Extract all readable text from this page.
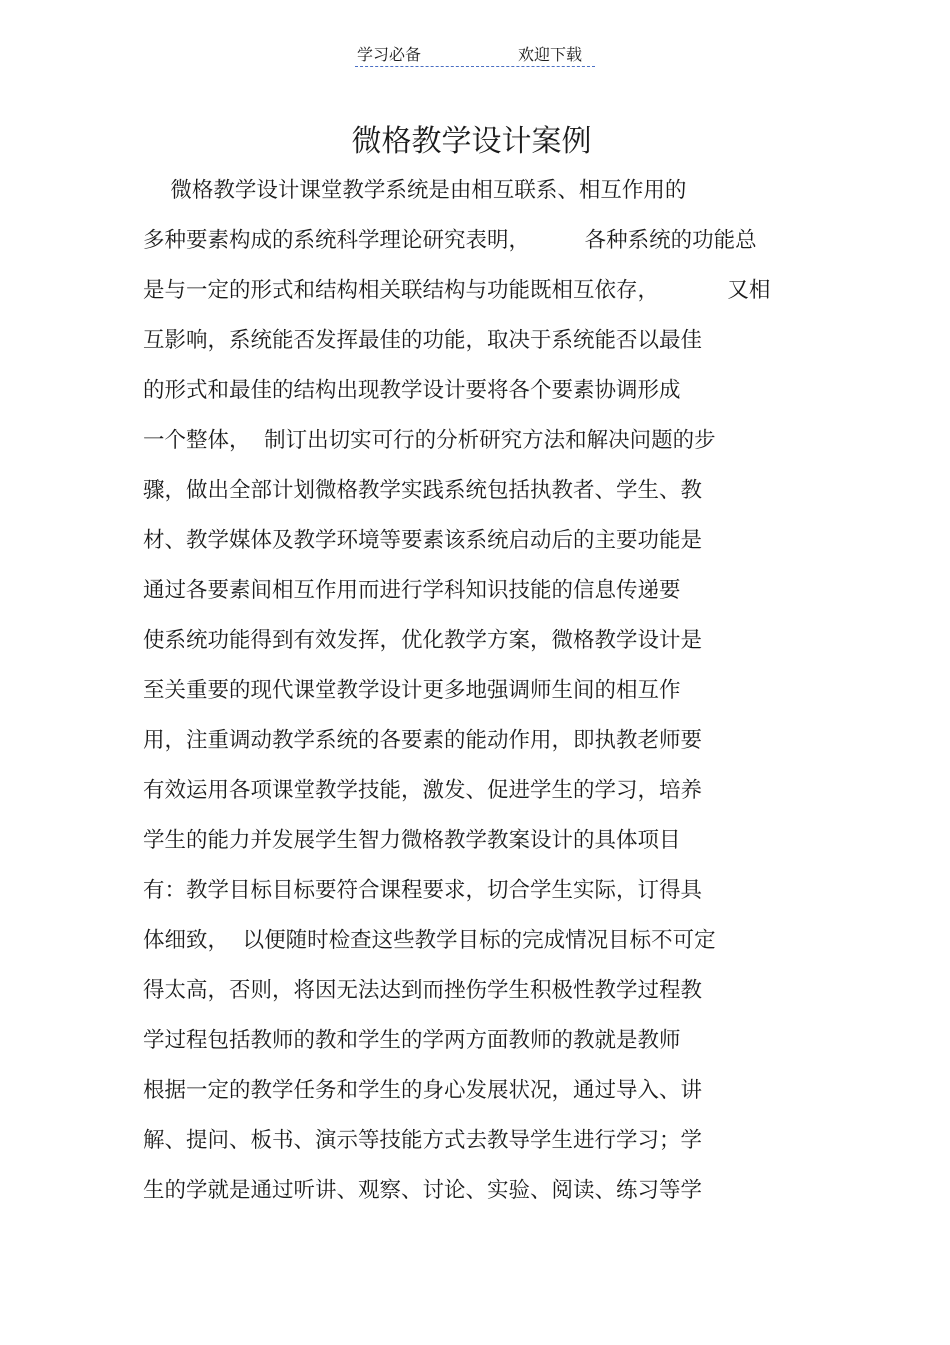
学习必备	欢迎下载
微格教学设计案例
微格教学设计课堂教学系统是由相互联系、相互作用的
多种要素构成的系统科学理论研究表明，        各种系统的功能总
是与一定的形式和结构相关联结构与功能既相互依存，          又相
互影响，系统能否发挥最佳的功能，取决于系统能否以最佳
的形式和最佳的结构出现教学设计要将各个要素协调形成
一个整体，  制订出切实可行的分析研究方法和解决问题的步
骤，做出全部计划微格教学实践系统包括执教者、学生、教
材、教学媒体及教学环境等要素该系统启动后的主要功能是
通过各要素间相互作用而进行学科知识技能的信息传递要
使系统功能得到有效发挥，优化教学方案，微格教学设计是
至关重要的现代课堂教学设计更多地强调师生间的相互作
用，注重调动教学系统的各要素的能动作用，即执教老师要
有效运用各项课堂教学技能，激发、促进学生的学习，培养
学生的能力并发展学生智力微格教学教案设计的具体项目
有：教学目标目标要符合课程要求，切合学生实际，订得具
体细致，  以便随时检查这些教学目标的完成情况目标不可定
得太高，否则，将因无法达到而挫伤学生积极性教学过程教
学过程包括教师的教和学生的学两方面教师的教就是教师
根据一定的教学任务和学生的身心发展状况，通过导入、讲
解、提问、板书、演示等技能方式去教导学生进行学习；学
生的学就是通过听讲、观察、讨论、实验、阅读、练习等学
